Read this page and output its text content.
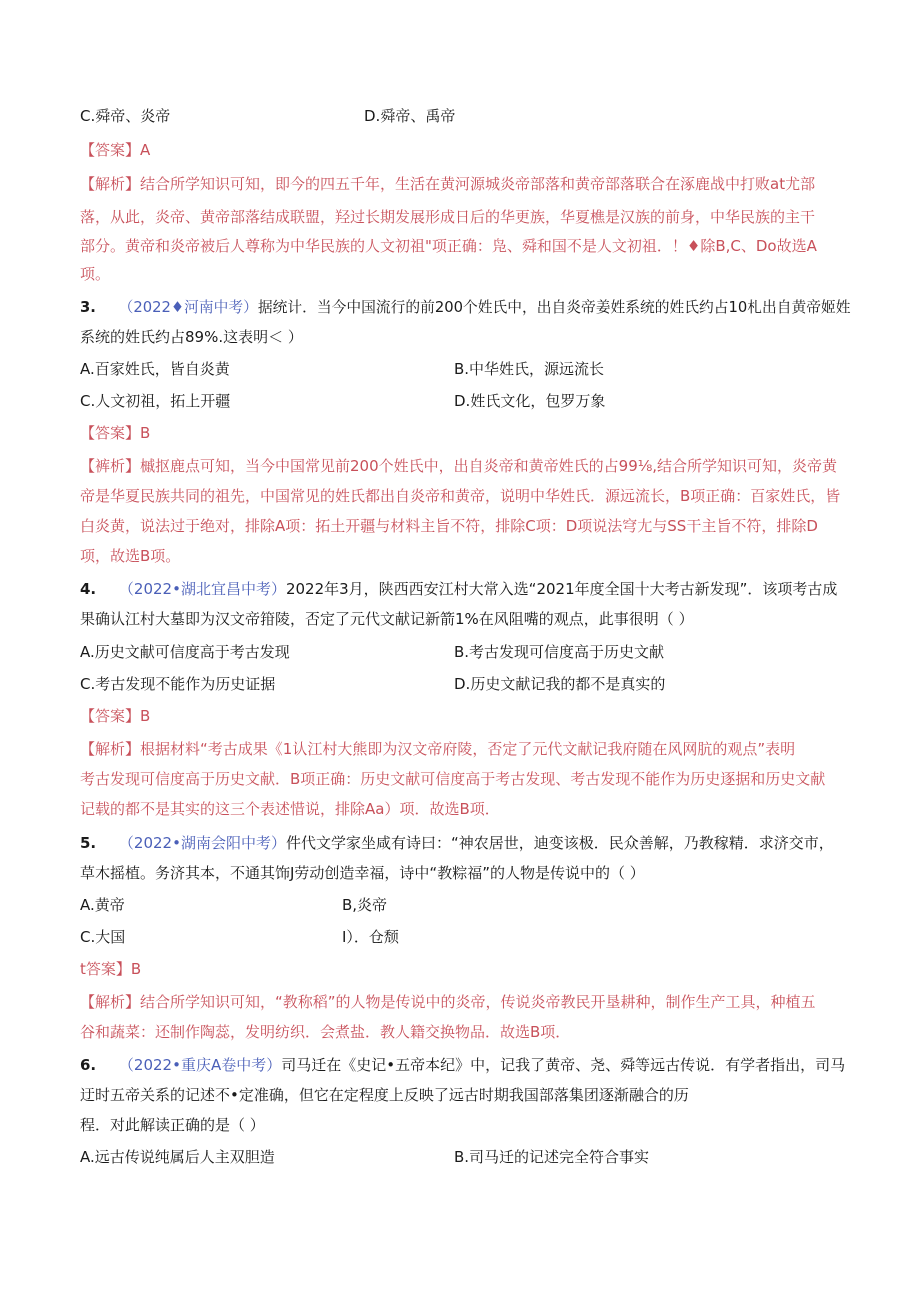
C.舜帝、炎帝	D.舜帝、禹帝
【答案】A
【解析】结合所学知识可知，即今的四五千年，生活在黄河源城炎帝部落和黄帝部落联合在涿鹿战中打败at尤部
落，从此，炎帝、黄帝部落结成联盟，羟过长期发展形成日后的华更族，华夏樵是汉族的前身，中华民族的主干
部分。黄帝和炎帝被后人尊称为中华民族的人文初祖"项正确：凫、舜和国不是人文初祖．！♦除B,C、Do故选A
项。
3. （2022♦河南中考）据统计．当今中国流行的前200个姓氏中，出自炎帝姜姓系统的姓氏约占10札出自黄帝姬姓
系统的姓氏约占89%.这表明＜ ）
A.百家姓氏，皆自炎黄	B.中华姓氏，源远流长
C.人文初祖，拓上开疆	D.姓氏文化，包罗万象
【答案】B
【裤析】槭抠鹿点可知，当今中国常见前200个姓氏中，出自炎帝和黄帝姓氏的占99⅛,结合所学知识可知，炎帝黄
帝是华夏民族共同的祖先，中国常见的姓氏都出自炎帝和黄帝，说明中华姓氏．源远流长，B项正确：百家姓氏，皆
白炎黄，说法过于绝对，排除A项：拓土开疆与材料主旨不符，排除C项：D项说法穹尢与SS干主旨不符，排除D
项，故选B项。
4. （2022•湖北宜昌中考）2022年3月，陕西西安江村大常入选“2021年度全国十大考古新发现”．该项考古成
果确认江村大墓即为汉文帝箝陵，否定了元代文献记新箭1%在风阻嘴的观点，此事很明（ ）
A.历史文献可信度高于考古发现	B.考古发现可信度高于历史文献
C.考古发现不能作为历史证据	D.历史文献记我的都不是真实的
【答案】B
【解析】根据材料“考古成果《1认江村大熊即为汉文帝府陵，否定了元代文献记我府随在风网肮的观点”表明
考古发现可信度高于历史文献．B项正确：历史文献可信度高于考古发现、考古发现不能作为历史逐据和历史文献
记载的都不是其实的这三个表述惜说，排除Aa）项．故选B项．
5. （2022•湖南会阳中考）件代文学家坐咸有诗曰：“神农居世，迪变该极．民众善解，乃教稼精．求济交市，
草木摇植。务济其本，不通其饰J劳动创造幸福，诗中“教粽福”的人物是传说中的（ ）
A.黄帝	B,炎帝
C.大国	I）．仓颓
t答案】B
【解析】结合所学知识可知，“教称稻”的人物是传说中的炎帝，传说炎帝教民开垦耕种，制作生产工具，种植五
谷和蔬菜：还制作陶蕊，发明纺织．会煮盐．教人籍交换物品．故选B项．
6. （2022•重庆A卷中考）司马迁在《史记•五帝本纪》中，记我了黄帝、尧、舜等远古传说．有学者指出，司马
迂时五帝关系的记述不•定准确，但它在定程度上反映了远古时期我国部落集团逐渐融合的历
程．对此解读正确的是（ ）
A.远古传说纯属后人主双胆造	B.司马迁的记述完全符合事实
